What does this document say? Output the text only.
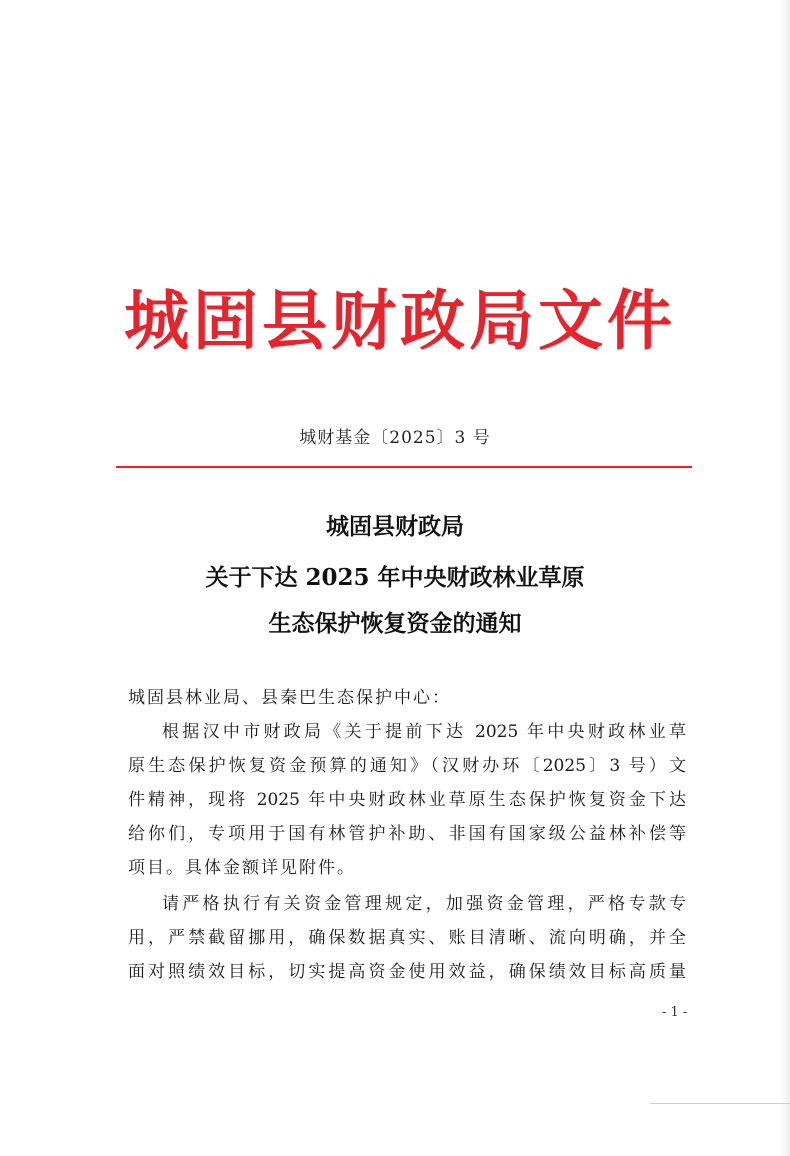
城固县财政局文件
城财基金〔2025〕3 号
城固县财政局
关于下达 2025 年中央财政林业草原
生态保护恢复资金的通知
城固县林业局、县秦巴生态保护中心：
根据汉中市财政局《关于提前下达 2025 年中央财政林业草
原生态保护恢复资金预算的通知》（汉财办环〔2025〕3 号）文
件精神，现将 2025 年中央财政林业草原生态保护恢复资金下达
给你们，专项用于国有林管护补助、非国有国家级公益林补偿等
项目。具体金额详见附件。
请严格执行有关资金管理规定，加强资金管理，严格专款专
用，严禁截留挪用，确保数据真实、账目清晰、流向明确，并全
面对照绩效目标，切实提高资金使用效益，确保绩效目标高质量
- 1 -
